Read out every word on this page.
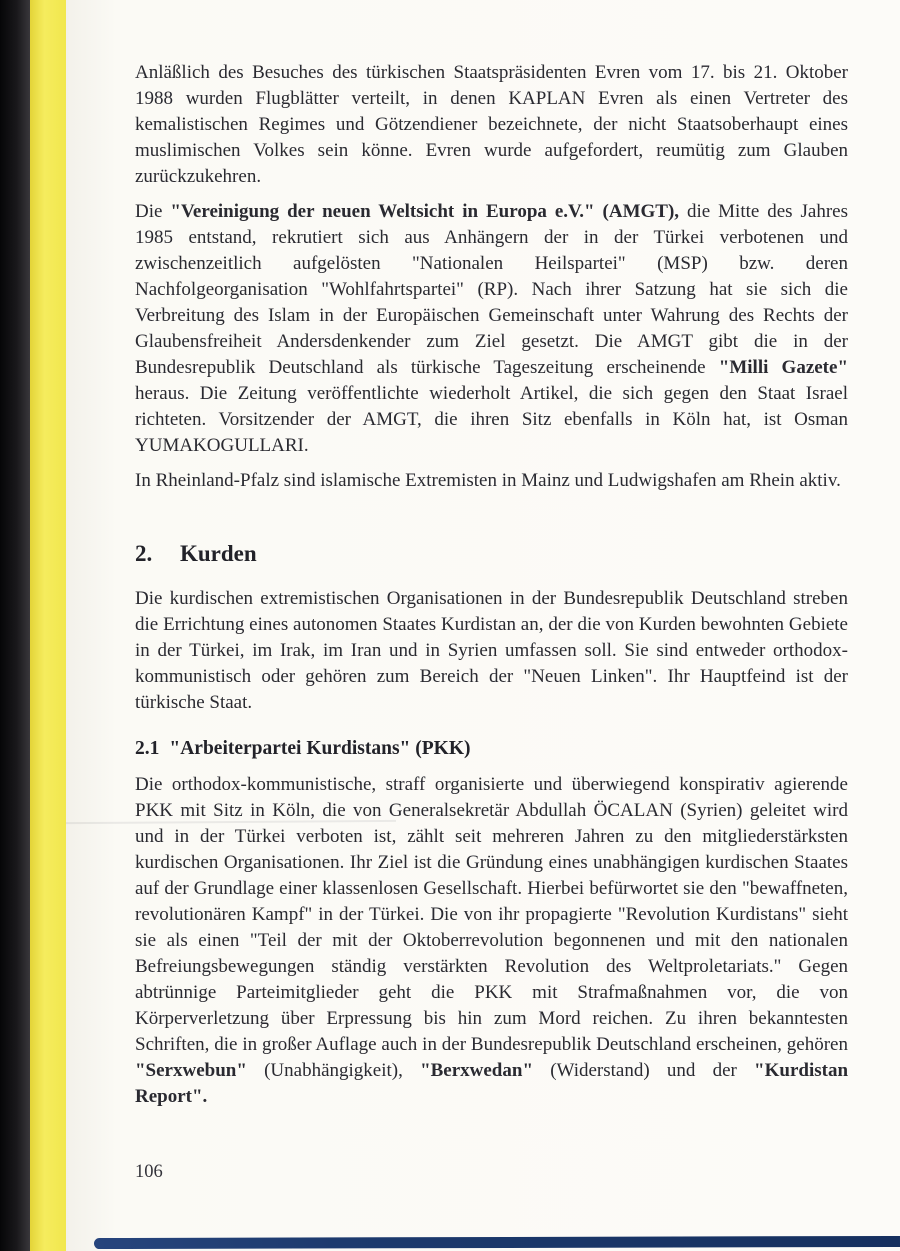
Anläßlich des Besuches des türkischen Staatspräsidenten Evren vom 17. bis 21. Oktober 1988 wurden Flugblätter verteilt, in denen KAPLAN Evren als einen Vertreter des kemalistischen Regimes und Götzendiener bezeichnete, der nicht Staatsoberhaupt eines muslimischen Volkes sein könne. Evren wurde aufgefordert, reumütig zum Glauben zurückzukehren.

Die "Vereinigung der neuen Weltsicht in Europa e.V." (AMGT), die Mitte des Jahres 1985 entstand, rekrutiert sich aus Anhängern der in der Türkei verbotenen und zwischenzeitlich aufgelösten "Nationalen Heilspartei" (MSP) bzw. deren Nachfolgeorganisation "Wohlfahrtspartei" (RP). Nach ihrer Satzung hat sie sich die Verbreitung des Islam in der Europäischen Gemeinschaft unter Wahrung des Rechts der Glaubensfreiheit Andersdenkender zum Ziel gesetzt. Die AMGT gibt die in der Bundesrepublik Deutschland als türkische Tageszeitung erscheinende "Milli Gazete" heraus. Die Zeitung veröffentlichte wiederholt Artikel, die sich gegen den Staat Israel richteten. Vorsitzender der AMGT, die ihren Sitz ebenfalls in Köln hat, ist Osman YUMAKOGULLARI.

In Rheinland-Pfalz sind islamische Extremisten in Mainz und Ludwigshafen am Rhein aktiv.

2. Kurden

Die kurdischen extremistischen Organisationen in der Bundesrepublik Deutschland streben die Errichtung eines autonomen Staates Kurdistan an, der die von Kurden bewohnten Gebiete in der Türkei, im Irak, im Iran und in Syrien umfassen soll. Sie sind entweder orthodox-kommunistisch oder gehören zum Bereich der "Neuen Linken". Ihr Hauptfeind ist der türkische Staat.

2.1 "Arbeiterpartei Kurdistans" (PKK)

Die orthodox-kommunistische, straff organisierte und überwiegend konspirativ agierende PKK mit Sitz in Köln, die von Generalsekretär Abdullah ÖCALAN (Syrien) geleitet wird und in der Türkei verboten ist, zählt seit mehreren Jahren zu den mitgliederstärksten kurdischen Organisationen. Ihr Ziel ist die Gründung eines unabhängigen kurdischen Staates auf der Grundlage einer klassenlosen Gesellschaft. Hierbei befürwortet sie den "bewaffneten, revolutionären Kampf" in der Türkei. Die von ihr propagierte "Revolution Kurdistans" sieht sie als einen "Teil der mit der Oktoberrevolution begonnenen und mit den nationalen Befreiungsbewegungen ständig verstärkten Revolution des Weltproletariats." Gegen abtrünnige Parteimitglieder geht die PKK mit Strafmaßnahmen vor, die von Körperverletzung über Erpressung bis hin zum Mord reichen. Zu ihren bekanntesten Schriften, die in großer Auflage auch in der Bundesrepublik Deutschland erscheinen, gehören "Serxwebun" (Unabhängigkeit), "Berxwedan" (Widerstand) und der "Kurdistan Report".

106
